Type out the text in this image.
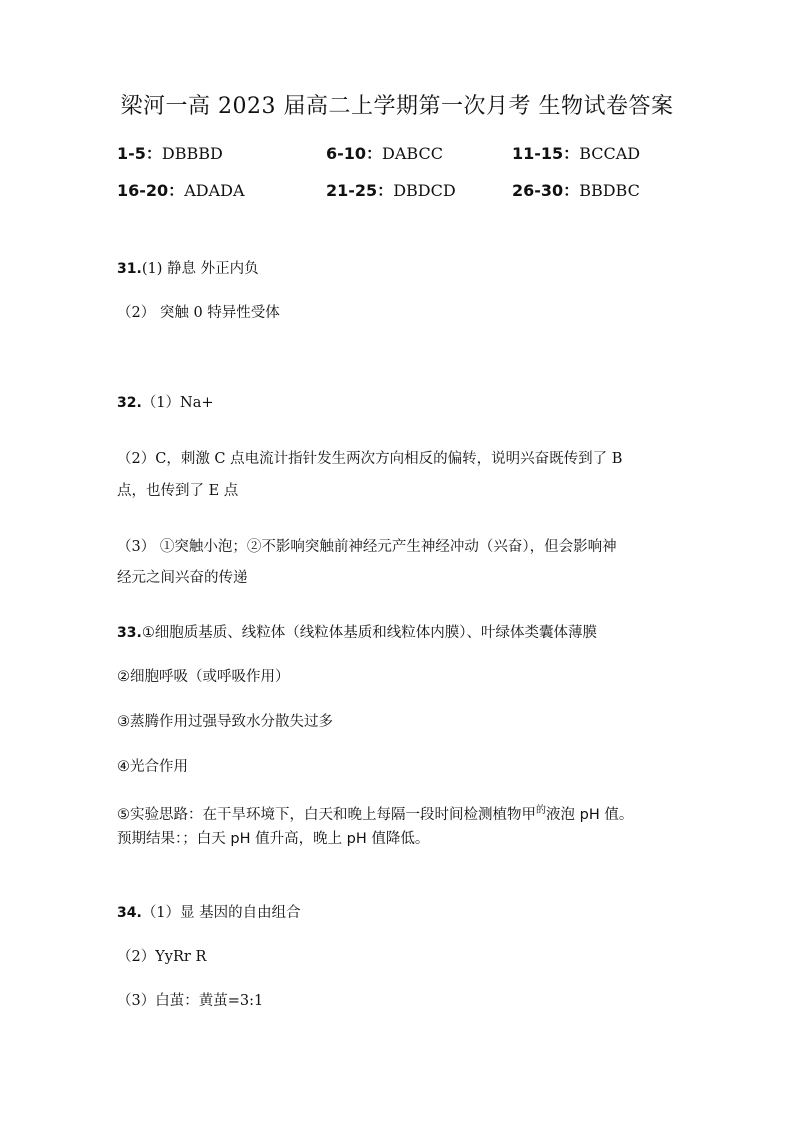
梁河一高 2023 届高二上学期第一次月考 生物试卷答案
1-5：DBBBD	6-10：DABCC	11-15：BCCAD
16-20：ADADA	21-25：DBDCD	26-30：BBDBC
31.(1) 静息 外正内负
（2） 突触 0 特异性受体
32.（1）Na+
（2）C，刺激 C 点电流计指针发生两次方向相反的偏转，说明兴奋既传到了 B
点，也传到了 E 点
（3） ①突触小泡；②不影响突触前神经元产生神经冲动（兴奋），但会影响神
经元之间兴奋的传递
33.①细胞质基质、线粒体（线粒体基质和线粒体内膜）、叶绿体类囊体薄膜
②细胞呼吸（或呼吸作用）
③蒸腾作用过强导致水分散失过多
④光合作用
⑤实验思路：在干旱环境下，白天和晚上每隔一段时间检测植物甲$^的$液泡 pH 值。
预期结果：；白天 pH 值升高，晚上 pH 值降低。
34.（1）显 基因的自由组合
（2）YyRr R
（3）白茧：黄茧=3:1
